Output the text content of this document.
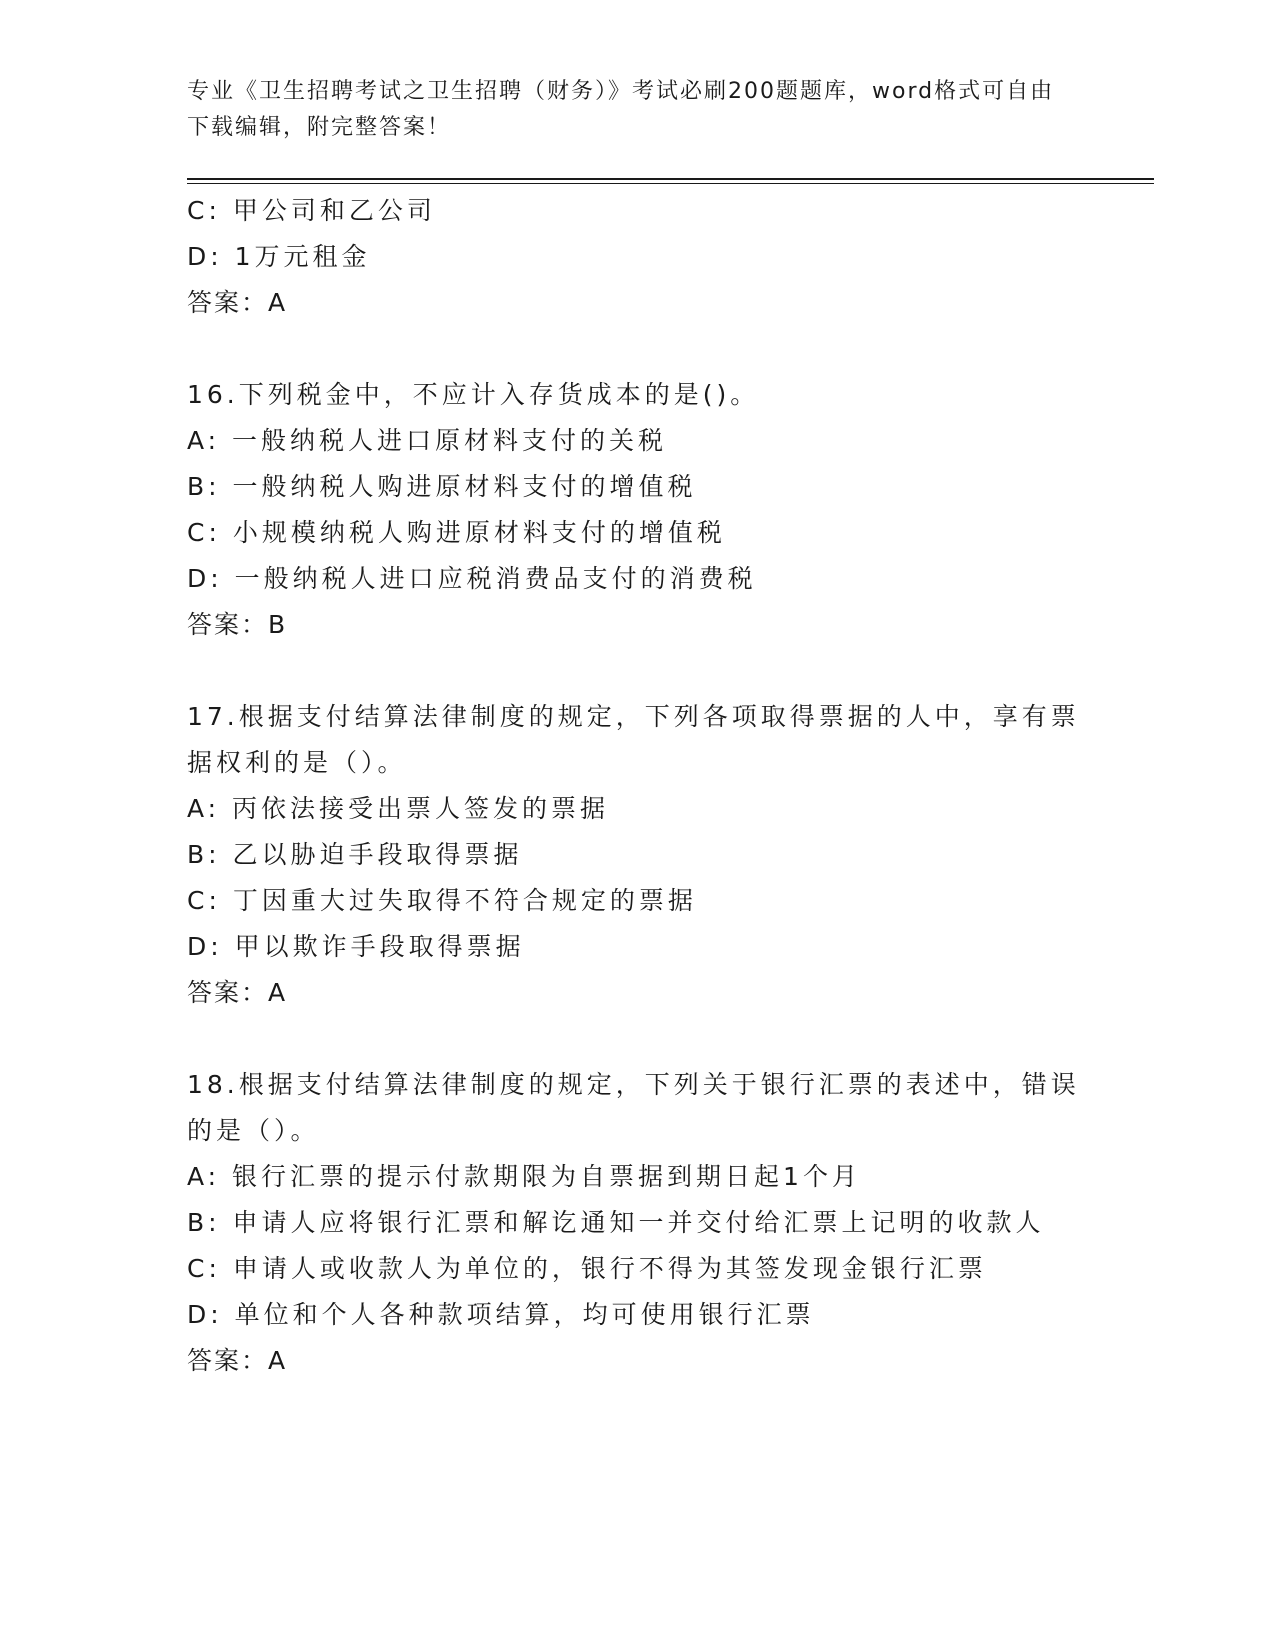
专业《卫生招聘考试之卫生招聘（财务）》考试必刷200题题库，word格式可自由下载编辑，附完整答案！
C: 甲公司和乙公司
D: 1万元租金
答案：A
16.下列税金中，不应计入存货成本的是()。
A: 一般纳税人进口原材料支付的关税
B: 一般纳税人购进原材料支付的增值税
C: 小规模纳税人购进原材料支付的增值税
D: 一般纳税人进口应税消费品支付的消费税
答案：B
17.根据支付结算法律制度的规定，下列各项取得票据的人中，享有票
据权利的是（）。
A: 丙依法接受出票人签发的票据
B: 乙以胁迫手段取得票据
C: 丁因重大过失取得不符合规定的票据
D: 甲以欺诈手段取得票据
答案：A
18.根据支付结算法律制度的规定，下列关于银行汇票的表述中，错误
的是（）。
A: 银行汇票的提示付款期限为自票据到期日起1个月
B: 申请人应将银行汇票和解讫通知一并交付给汇票上记明的收款人
C: 申请人或收款人为单位的，银行不得为其签发现金银行汇票
D: 单位和个人各种款项结算，均可使用银行汇票
答案：A
